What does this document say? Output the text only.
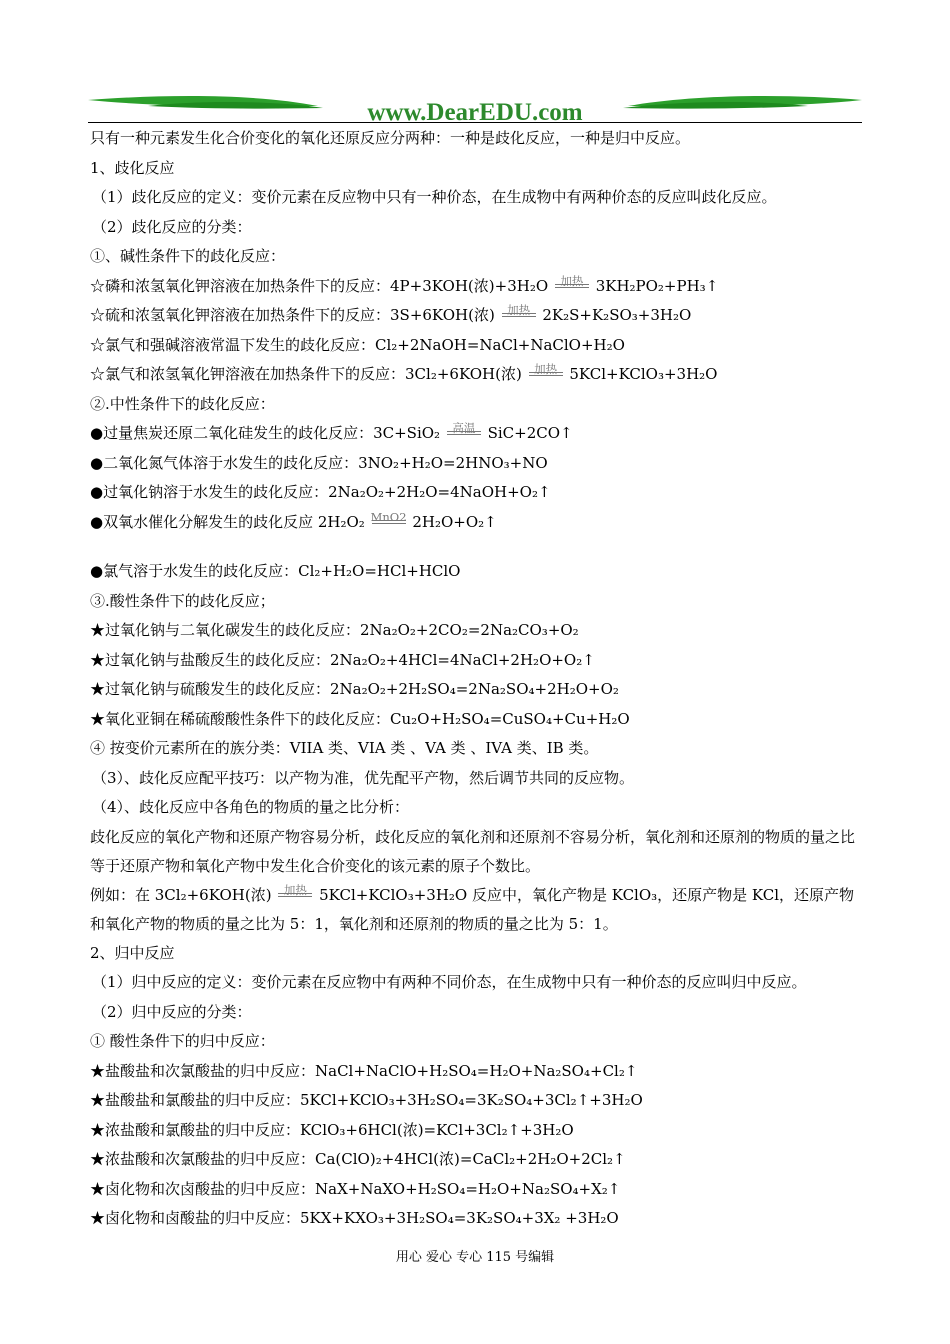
www.DearEDU.com
只有一种元素发生化合价变化的氧化还原反应分两种：一种是歧化反应，一种是归中反应。
1、歧化反应
（1）歧化反应的定义：变价元素在反应物中只有一种价态，在生成物中有两种价态的反应叫歧化反应。
（2）歧化反应的分类：
①、碱性条件下的歧化反应：
☆磷和浓氢氧化钾溶液在加热条件下的反应：4P+3KOH(浓)+3H₂O 加热 3KH₂PO₂+PH₃↑
☆硫和浓氢氧化钾溶液在加热条件下的反应：3S+6KOH(浓) 加热 2K₂S+K₂SO₃+3H₂O
☆氯气和强碱溶液常温下发生的歧化反应：Cl₂+2NaOH=NaCl+NaClO+H₂O
☆氯气和浓氢氧化钾溶液在加热条件下的反应：3Cl₂+6KOH(浓) 加热 5KCl+KClO₃+3H₂O
②.中性条件下的歧化反应：
●过量焦炭还原二氧化硅发生的歧化反应：3C+SiO₂ 高温 SiC+2CO↑
●二氧化氮气体溶于水发生的歧化反应：3NO₂+H₂O=2HNO₃+NO
●过氧化钠溶于水发生的歧化反应：2Na₂O₂+2H₂O=4NaOH+O₂↑
●双氧水催化分解发生的歧化反应 2H₂O₂ MnO2 2H₂O+O₂↑
●氯气溶于水发生的歧化反应：Cl₂+H₂O=HCl+HClO
③.酸性条件下的歧化反应；
★过氧化钠与二氧化碳发生的歧化反应：2Na₂O₂+2CO₂=2Na₂CO₃+O₂
★过氧化钠与盐酸反生的歧化反应：2Na₂O₂+4HCl=4NaCl+2H₂O+O₂↑
★过氧化钠与硫酸发生的歧化反应：2Na₂O₂+2H₂SO₄=2Na₂SO₄+2H₂O+O₂
★氧化亚铜在稀硫酸酸性条件下的歧化反应：Cu₂O+H₂SO₄=CuSO₄+Cu+H₂O
④ 按变价元素所在的族分类：VIIA 类、VIA 类 、VA 类 、IVA 类、IB 类。
（3）、歧化反应配平技巧：以产物为准，优先配平产物，然后调节共同的反应物。
（4）、歧化反应中各角色的物质的量之比分析：
歧化反应的氧化产物和还原产物容易分析，歧化反应的氧化剂和还原剂不容易分析，氧化剂和还原剂的物质的量之比等于还原产物和氧化产物中发生化合价变化的该元素的原子个数比。
例如：在 3Cl₂+6KOH(浓) 加热 5KCl+KClO₃+3H₂O 反应中，氧化产物是 KClO₃，还原产物是 KCl，还原产物和氧化产物的物质的量之比为 5：1，氧化剂和还原剂的物质的量之比为 5：1。
2、归中反应
（1）归中反应的定义：变价元素在反应物中有两种不同价态，在生成物中只有一种价态的反应叫归中反应。
（2）归中反应的分类：
① 酸性条件下的归中反应：
★盐酸盐和次氯酸盐的归中反应：NaCl+NaClO+H₂SO₄=H₂O+Na₂SO₄+Cl₂↑
★盐酸盐和氯酸盐的归中反应：5KCl+KClO₃+3H₂SO₄=3K₂SO₄+3Cl₂↑+3H₂O
★浓盐酸和氯酸盐的归中反应：KClO₃+6HCl(浓)=KCl+3Cl₂↑+3H₂O
★浓盐酸和次氯酸盐的归中反应：Ca(ClO)₂+4HCl(浓)=CaCl₂+2H₂O+2Cl₂↑
★卤化物和次卤酸盐的归中反应：NaX+NaXO+H₂SO₄=H₂O+Na₂SO₄+X₂↑
★卤化物和卤酸盐的归中反应：5KX+KXO₃+3H₂SO₄=3K₂SO₄+3X₂ +3H₂O
用心 爱心 专心 115 号编辑
